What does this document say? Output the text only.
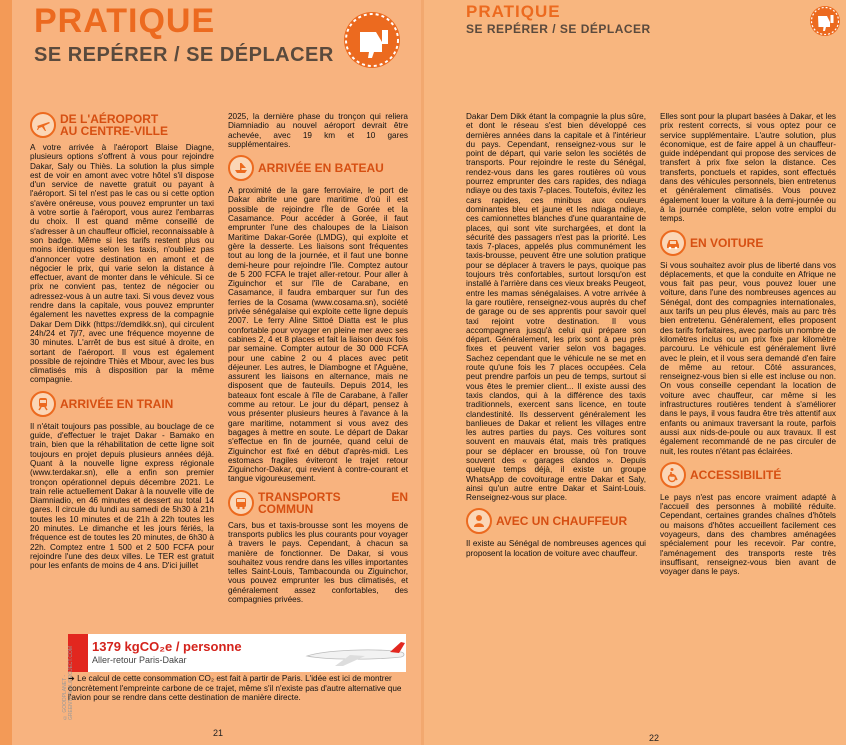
PRATIQUE
SE REPÉRER / SE DÉPLACER
DE L'AÉROPORT
AU CENTRE-VILLE

A votre arrivée à l'aéroport Blaise Diagne, plusieurs options s'offrent à vous pour rejoindre Dakar, Saly ou Thiès. La solution la plus simple est de voir en amont avec votre hôtel s'il dispose d'un service de navette gratuit ou payant à l'aéroport. Si tel n'est pas le cas ou si cette option s'avère onéreuse, vous pouvez emprunter un taxi à votre sortie à l'aéroport, vous aurez l'embarras du choix. Il est quand même conseillé de s'adresser à un chauffeur officiel, reconnaissable à son badge. Même si les tarifs restent plus ou moins identiques selon les taxis, n'oubliez pas d'annoncer votre destination en amont et de négocier le prix, qui varie selon la distance à effectuer, avant de monter dans le véhicule. Si ce prix ne convient pas, tentez de négocier ou adressez-vous à un autre taxi. Si vous devez vous rendre dans la capitale, vous pouvez emprunter également les navettes express de la compagnie Dakar Dem Dikk (https://demdikk.sn), qui circulent 24h/24 et 7j/7, avec une fréquence moyenne de 30 minutes. L'arrêt de bus est situé à droite, en sortant de l'aéroport. Il vous est également possible de rejoindre Thiès et Mbour, avec les bus climatisés mis à disposition par la même compagnie.

ARRIVÉE EN TRAIN

Il n'était toujours pas possible, au bouclage de ce guide, d'effectuer le trajet Dakar - Bamako en train, bien que la réhabilitation de cette ligne soit toujours en projet depuis plusieurs années déjà. Quant à la nouvelle ligne express régionale (www.terdakar.sn), elle a enfin son premier tronçon opérationnel depuis décembre 2021. Le train relie actuellement Dakar à la nouvelle ville de Diamniadio, en 46 minutes et dessert au total 14 gares. Il circule du lundi au samedi de 5h30 à 21h toutes les 10 minutes et de 21h à 22h toutes les 20 minutes. Le dimanche et les jours fériés, la fréquence est de toutes les 20 minutes, de 6h30 à 22h. Comptez entre 1 500 et 2 500 FCFA pour rejoindre l'une des deux villes. Le TER est gratuit pour les enfants de moins de 4 ans. D'ici juillet

2025, la dernière phase du tronçon qui reliera Diamniadio au nouvel aéroport devrait être achevée, avec 19 km et 10 gares supplémentaires.

ARRIVÉE EN BATEAU

A proximité de la gare ferroviaire, le port de Dakar abrite une gare maritime d'où il est possible de rejoindre l'Île de Gorée et la Casamance. Pour accéder à Gorée, il faut emprunter l'une des chaloupes de la Liaison Maritime Dakar-Gorée (LMDG), qui exploite et gère la desserte. Les liaisons sont fréquentes tout au long de la journée, et il faut une bonne demi-heure pour rejoindre l'île. Comptez autour de 5 200 FCFA le trajet aller-retour. Pour aller à Ziguinchor et sur l'île de Carabane, en Casamance, il faudra embarquer sur l'un des ferries de la Cosama (www.cosama.sn), société privée sénégalaise qui exploite cette ligne depuis 2007. Le ferry Aline Sittoé Diatta est le plus confortable pour voyager en pleine mer avec ses cabines 2, 4 et 8 places et fait la liaison deux fois par semaine. Compter autour de 30 000 FCFA pour une cabine 2 ou 4 places avec petit déjeuner. Les autres, le Diambogne et l'Aguène, assurent les liaisons en alternance, mais ne disposent que de fauteuils. Depuis 2014, les bateaux font escale à l'île de Carabane, à l'aller comme au retour. Le jour du départ, pensez à vous présenter plusieurs heures à l'avance à la gare maritime, notamment si vous avez des bagages à mettre en soute. Le départ de Dakar s'effectue en fin de journée, quand celui de Ziguinchor est fixé en début d'après-midi. Les estomacs fragiles éviteront le trajet retour Ziguinchor-Dakar, qui revient à contre-courant et tangue vigoureusement.

TRANSPORTS EN COMMUN

Cars, bus et taxis-brousse sont les moyens de transports publics les plus courants pour voyager à travers le pays. Cependant, à chacun sa manière de fonctionner. De Dakar, si vous souhaitez vous rendre dans les villes importantes telles Saint-Louis, Tambacounda ou Ziguinchor, vous pouvez emprunter les bus climatisés, et généralement assez confortables, des compagnies privées.

© GOODPLANET - GREENTRAVEL/PROJECT.COM 1379 kgCO₂e / personne
Aller-retour Paris-Dakar
➔ Le calcul de cette consommation CO₂ est fait à partir de Paris. L'idée est ici de montrer concrètement l'empreinte carbone de ce trajet, même s'il n'existe pas d'autre alternative que l'avion pour se rendre dans cette destination de manière directe.
21
PRATIQUE
SE REPÉRER / SE DÉPLACER

Dakar Dem Dikk étant la compagnie la plus sûre, et dont le réseau s'est bien développé ces dernières années dans la capitale et à l'intérieur du pays. Cependant, renseignez-vous sur le point de départ, qui varie selon les sociétés de transports. Pour rejoindre le reste du Sénégal, rendez-vous dans les gares routières où vous pourrez emprunter des cars rapides, des ndiaga ndiaye ou des taxis 7-places. Toutefois, évitez les cars rapides, ces minibus aux couleurs dominantes bleu et jaune et les ndiaga ndiaye, ces camionnettes blanches d'une quarantaine de places, qui sont vite surchargées, et dont la sécurité des passagers n'est pas la priorité. Les taxis 7-places, appelés plus communément les taxis-brousse, peuvent être une solution pratique pour se déplacer à travers le pays, quoique pas toujours très confortables, surtout lorsqu'on est installé à l'arrière dans ces vieux breaks Peugeot, entre les mamas sénégalaises. A votre arrivée à la gare routière, renseignez-vous auprès du chef de garage ou de ses apprentis pour savoir quel taxi rejoint votre destination. Il vous accompagnera jusqu'à celui qui prépare son départ. Généralement, les prix sont à peu près fixes et peuvent varier selon vos bagages. Sachez cependant que le véhicule ne se met en route qu'une fois les 7 places occupées. Cela peut prendre parfois un peu de temps, surtout si vous êtes le premier client... Il existe aussi des taxis clandos, qui à la différence des taxis traditionnels, exercent sans licence, en toute clandestinité. Ils desservent généralement les banlieues de Dakar et relient les villages entre les autres parties du pays. Ces voitures sont souvent en mauvais état, mais très pratiques pour se déplacer en brousse, où l'on trouve souvent des « garages clandos ». Depuis quelque temps déjà, il existe un groupe WhatsApp de covoiturage entre Dakar et Saly, ainsi qu'un autre entre Dakar et Saint-Louis. Renseignez-vous sur place.

AVEC UN CHAUFFEUR

Il existe au Sénégal de nombreuses agences qui proposent la location de voiture avec chauffeur.

Elles sont pour la plupart basées à Dakar, et les prix restent corrects, si vous optez pour ce service supplémentaire. L'autre solution, plus économique, est de faire appel à un chauffeur-guide indépendant qui propose des services de transfert à prix fixe selon la distance. Ces transferts, ponctuels et rapides, sont effectués dans des véhicules personnels, bien entretenus et généralement climatisés. Vous pouvez également louer la voiture à la demi-journée ou à la journée complète, selon votre emploi du temps.

EN VOITURE

Si vous souhaitez avoir plus de liberté dans vos déplacements, et que la conduite en Afrique ne vous fait pas peur, vous pouvez louer une voiture, dans l'une des nombreuses agences au Sénégal, dont des compagnies internationales, aux tarifs un peu plus élevés, mais au parc très bien entretenu. Généralement, elles proposent des tarifs forfaitaires, avec parfois un nombre de kilomètres inclus ou un prix fixe par kilomètre parcouru. Le véhicule est généralement livré avec le plein, et il vous sera demandé d'en faire de même au retour. Côté assurances, renseignez-vous bien si elle est incluse ou non. On vous conseille cependant la location de voiture avec chauffeur, car même si les infrastructures routières tendent à s'améliorer dans le pays, il vous faudra être très attentif aux enfants ou animaux traversant la route, parfois aussi aux nids-de-poule ou aux travaux. Il est également recommandé de ne pas circuler de nuit, les routes n'étant pas éclairées.

ACCESSIBILITÉ

Le pays n'est pas encore vraiment adapté à l'accueil des personnes à mobilité réduite. Cependant, certaines grandes chaînes d'hôtels ou maisons d'hôtes accueillent facilement ces voyageurs, dans des chambres aménagées spécialement pour les recevoir. Par contre, l'aménagement des transports reste très insuffisant, renseignez-vous bien avant de voyager dans le pays.

22
